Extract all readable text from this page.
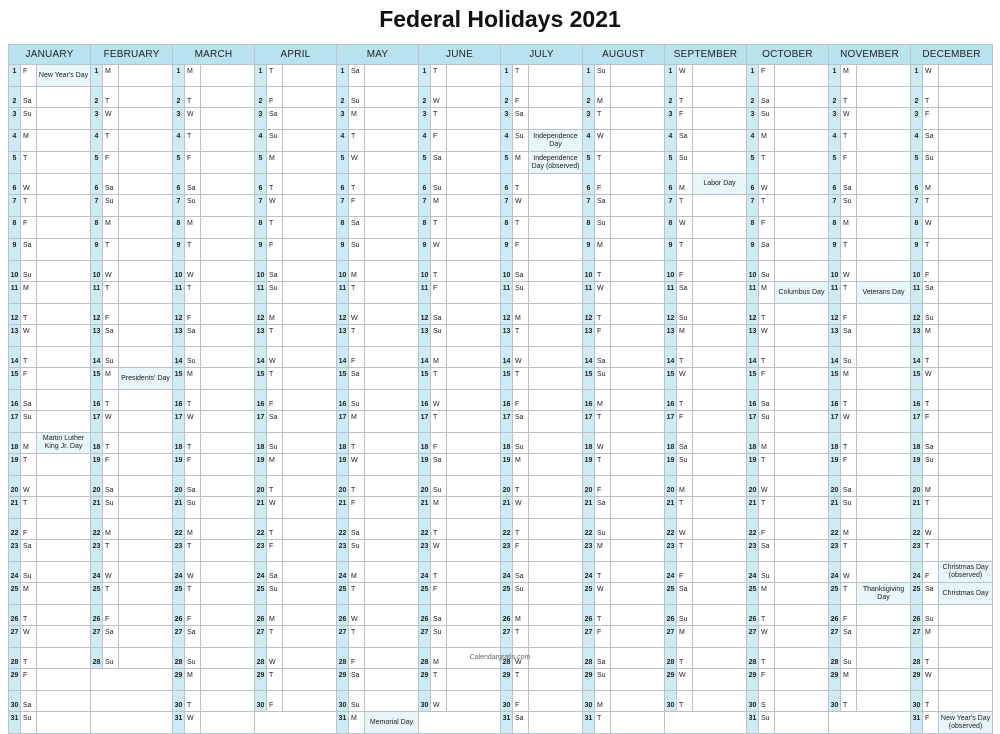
Federal Holidays 2021
JANUARY			FEBRUARY			MARCH			APRIL			MAY			JUNE			JULY			AUGUST			SEPTEMBER			OCTOBER			NOVEMBER			DECEMBER		
1	F	New Year's Day	1	M		1	M		1	T		1	Sa		1	T		1	T		1	Su		1	W		1	F		1	M		1	W	
2	Sa		2	T		2	T		2	F		2	Su		2	W		2	F		2	M		2	T		2	Sa		2	T		2	T	
3	Su		3	W		3	W		3	Sa		3	M		3	T		3	Sa		3	T		3	F		3	Su		3	W		3	F	
4	M		4	T		4	T		4	Su		4	T		4	F		4	Su	Independence Day	4	W		4	Sa		4	M		4	T		4	Sa	
5	T		5	F		5	F		5	M		5	W		5	Sa		5	M	Independence Day (observed)	5	T		5	Su		5	T		5	F		5	Su	
6	W		6	Sa		6	Sa		6	T		6	T		6	Su		6	T		6	F		6	M	Labor Day	6	W		6	Sa		6	M	
7	T		7	Su		7	Su		7	W		7	F		7	M		7	W		7	Sa		7	T		7	T		7	Su		7	T	
8	F		8	M		8	M		8	T		8	Sa		8	T		8	T		8	Su		8	W		8	F		8	M		8	W	
9	Sa		9	T		9	T		9	F		9	Su		9	W		9	F		9	M		9	T		9	Sa		9	T		9	T	
10	Su		10	W		10	W		10	Sa		10	M		10	T		10	Sa		10	T		10	F		10	Su		10	W		10	F	
11	M		11	T		11	T		11	Su		11	T		11	F		11	Su		11	W		11	Sa		11	M	Columbus Day	11	T	Veterans Day	11	Sa	
12	T		12	F		12	F		12	M		12	W		12	Sa		12	M		12	T		12	Su		12	T		12	F		12	Su	
13	W		13	Sa		13	Sa		13	T		13	T		13	Su		13	T		13	F		13	M		13	W		13	Sa		13	M	
14	T		14	Su		14	Su		14	W		14	F		14	M		14	W		14	Sa		14	T		14	T		14	Su		14	T	
15	F		15	M	Presidents' Day	15	M		15	T		15	Sa		15	T		15	T		15	Su		15	W		15	F		15	M		15	W	
16	Sa		16	T		16	T		16	F		16	Su		16	W		16	F		16	M		16	T		16	Sa		16	T		16	T	
17	Su		17	W		17	W		17	Sa		17	M		17	T		17	Sa		17	T		17	F		17	Su		17	W		17	F	
18	M	Martin Luther King Jr. Day	18	T		18	T		18	Su		18	T		18	F		18	Su		18	W		18	Sa		18	M		18	T		18	Sa	
19	T		19	F		19	F		19	M		19	W		19	Sa		19	M		19	T		19	Su		19	T		19	F		19	Su	
20	W		20	Sa		20	Sa		20	T		20	T		20	Su		20	T		20	F		20	M		20	W		20	Sa		20	M	
21	T		21	Su		21	Su		21	W		21	F		21	M		21	W		21	Sa		21	T		21	T		21	Su		21	T	
22	F		22	M		22	M		22	T		22	Sa		22	T		22	T		22	Su		22	W		22	F		22	M		22	W	
23	Sa		23	T		23	T		23	F		23	Su		23	W		23	F		23	M		23	T		23	Sa		23	T		23	T	
24	Su		24	W		24	W		24	Sa		24	M		24	T		24	Sa		24	T		24	F		24	Su		24	W		24	F	Christmas Day (observed)
25	M		25	T		25	T		25	Su		25	T		25	F		25	Su		25	W		25	Sa		25	M		25	T	Thanksgiving Day	25	Sa	Christmas Day
26	T		26	F		26	F		26	M		26	W		26	Sa		26	M		26	T		26	Su		26	T		26	F		26	Su	
27	W		27	Sa		27	Sa		27	T		27	T		27	Su		27	T		27	F		27	M		27	W		27	Sa		27	M	
28	T		28	Su		28	Su		28	W		28	F		28	M		28	W		28	Sa		28	T		28	T		28	Su		28	T	
29	F					29	M		29	T		29	Sa		29	T		29	T		29	Su		29	W		29	F		29	M		29	W	
30	Sa					30	T		30	F		30	Su		30	W		30	F		30	M		30	T		30	S		30	T		30	T	
31	Su					31	W					31	M	Memorial Day				31	Sa		31	T					31	Su					31	F	New Year's Day (observed)
Calendargratis.com
